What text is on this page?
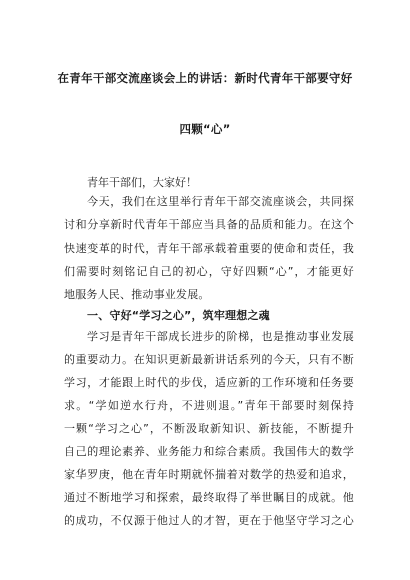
在青年干部交流座谈会上的讲话：新时代青年干部要守好
四颗“心”
青年干部们，大家好！
今天，我们在这里举行青年干部交流座谈会，共同探
讨和分享新时代青年干部应当具备的品质和能力。在这个
快速变革的时代，青年干部承载着重要的使命和责任，我
们需要时刻铭记自己的初心，守好四颗“心”，才能更好
一、守好“学习之心”，筑牢理想之魂
学习是青年干部成长进步的阶梯，也是推动事业发展
的重要动力。在知识更新最新讲话系列的今天，只有不断
学习，才能跟上时代的步伐，适应新的工作环境和任务要
求。“学如逆水行舟，不进则退。”青年干部要时刻保持
一颗“学习之心”，不断汲取新知识、新技能，不断提升
自己的理论素养、业务能力和综合素质。我国伟大的数学
家华罗庚，他在青年时期就怀揣着对数学的热爱和追求，
通过不断地学习和探索，最终取得了举世瞩目的成就。他
的成功，不仅源于他过人的才智，更在于他坚守学习之心
地服务人民、推动事业发展。
